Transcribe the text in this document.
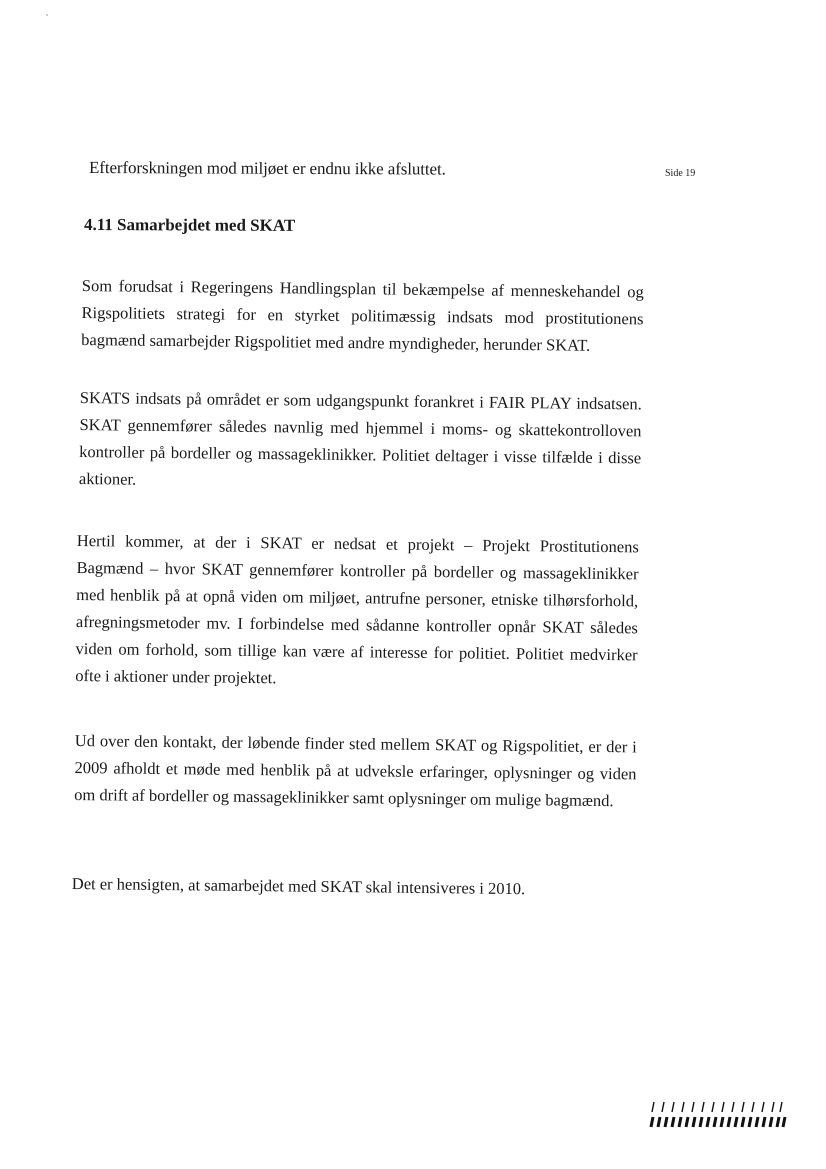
Efterforskningen mod miljøet er endnu ikke afsluttet.	Side 19
4.11 Samarbejdet med SKAT
Som forudsat i Regeringens Handlingsplan til bekæmpelse af menneskehandel og Rigspolitiets strategi for en styrket politimæssig indsats mod prostitutionens bagmænd samarbejder Rigspolitiet med andre myndigheder, herunder SKAT.
SKATS indsats på området er som udgangspunkt forankret i FAIR PLAY indsatsen. SKAT gennemfører således navnlig med hjemmel i moms- og skattekontrolloven kontroller på bordeller og massageklinikker. Politiet deltager i visse tilfælde i disse aktioner.
Hertil kommer, at der i SKAT er nedsat et projekt – Projekt Prostitutionens Bagmænd – hvor SKAT gennemfører kontroller på bordeller og massageklinikker med henblik på at opnå viden om miljøet, antrufne personer, etniske tilhørsforhold, afregningsmetoder mv. I forbindelse med sådanne kontroller opnår SKAT således viden om forhold, som tillige kan være af interesse for politiet. Politiet medvirker ofte i aktioner under projektet.
Ud over den kontakt, der løbende finder sted mellem SKAT og Rigspolitiet, er der i 2009 afholdt et møde med henblik på at udveksle erfaringer, oplysninger og viden om drift af bordeller og massageklinikker samt oplysninger om mulige bagmænd.
Det er hensigten, at samarbejdet med SKAT skal intensiveres i 2010.
